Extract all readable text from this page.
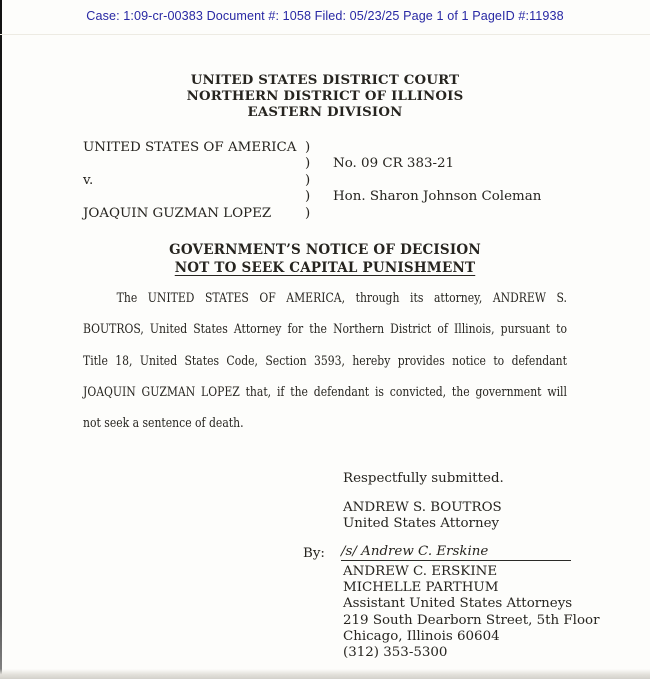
Case: 1:09-cr-00383 Document #: 1058 Filed: 05/23/25 Page 1 of 1 PageID #:11938
UNITED STATES DISTRICT COURT
NORTHERN DISTRICT OF ILLINOIS
EASTERN DIVISION
UNITED STATES OF AMERICA
v.
JOAQUIN GUZMAN LOPEZ
)
)
)
)
)
No. 09 CR 383-21
Hon. Sharon Johnson Coleman
GOVERNMENT’S NOTICE OF DECISION
NOT TO SEEK CAPITAL PUNISHMENT
The UNITED STATES OF AMERICA, through its attorney, ANDREW S.
BOUTROS, United States Attorney for the Northern District of Illinois, pursuant to
Title 18, United States Code, Section 3593, hereby provides notice to defendant
JOAQUIN GUZMAN LOPEZ that, if the defendant is convicted, the government will
not seek a sentence of death.
Respectfully submitted.
ANDREW S. BOUTROS
United States Attorney
By: /s/ Andrew C. Erskine
ANDREW C. ERSKINE
MICHELLE PARTHUM
Assistant United States Attorneys
219 South Dearborn Street, 5th Floor
Chicago, Illinois 60604
(312) 353-5300
